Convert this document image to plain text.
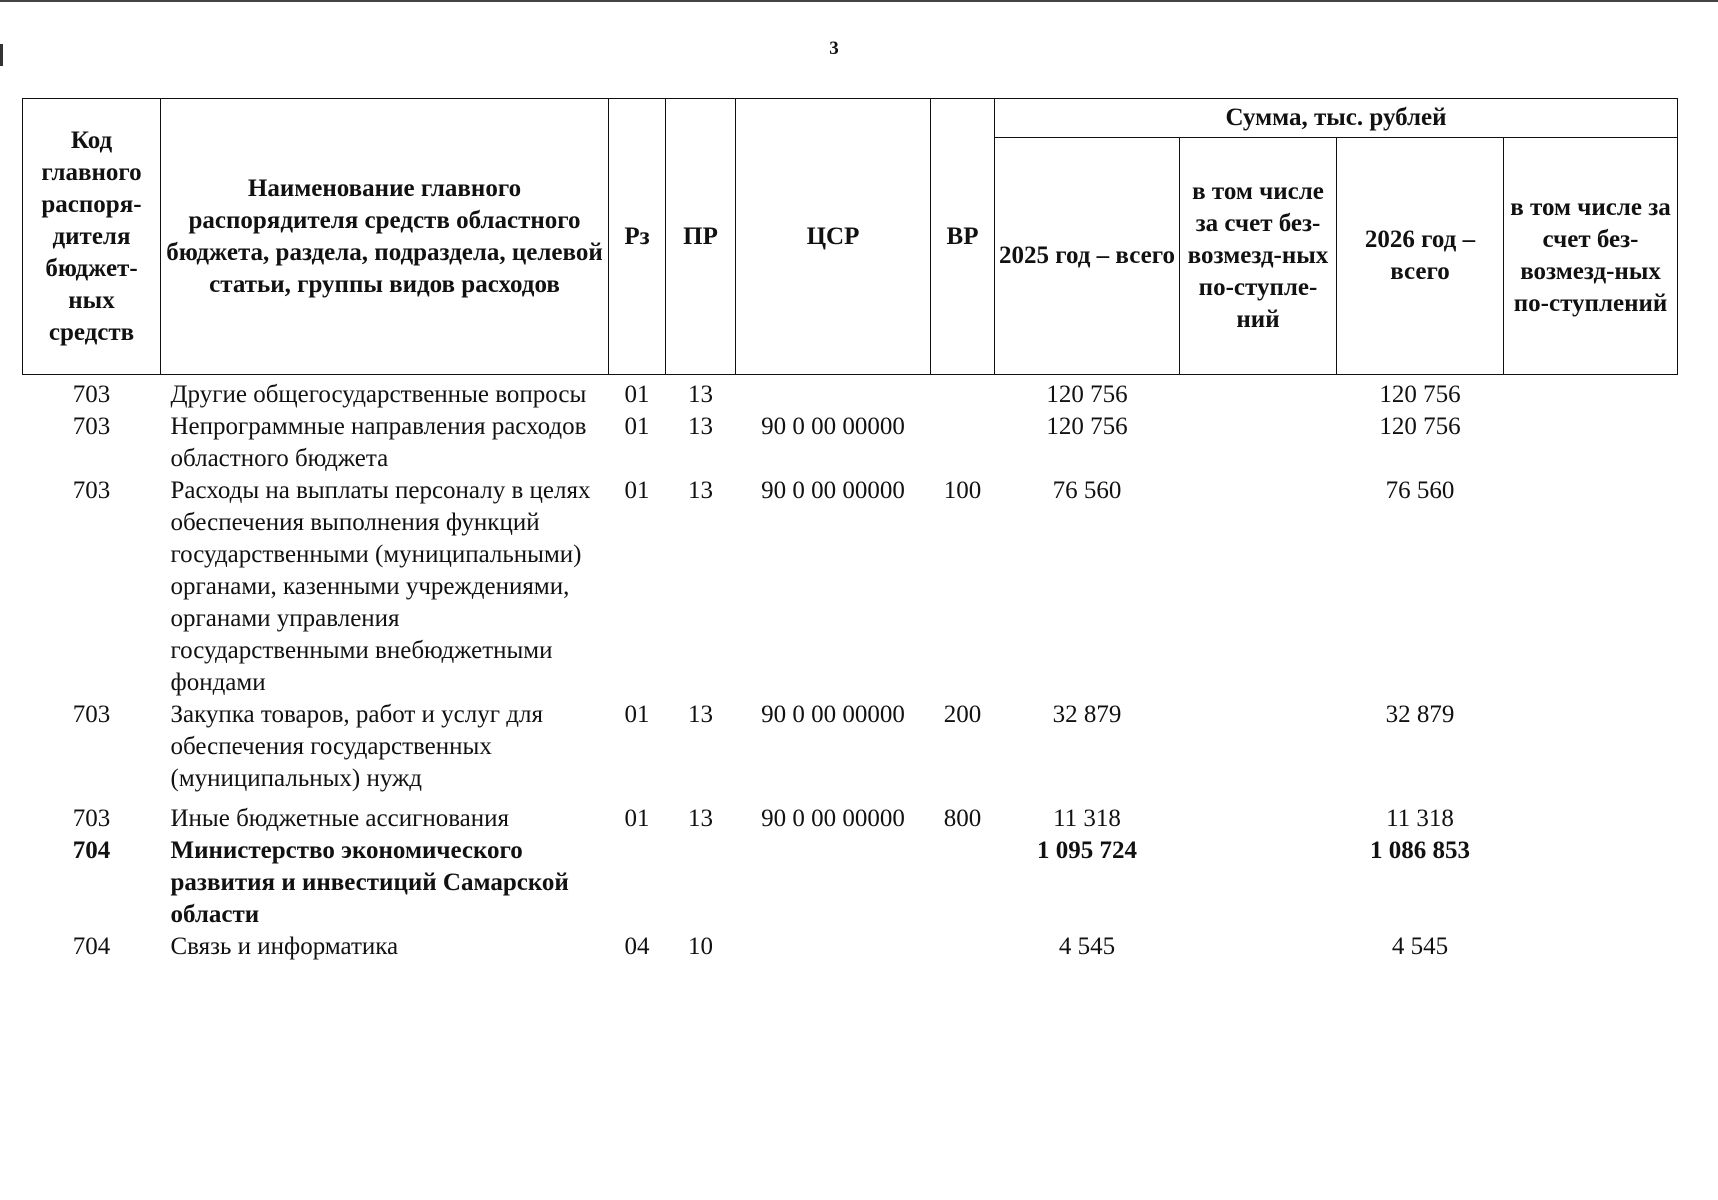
3
Код главного распоря-дителя бюджет-ных средств	Наименование главного распорядителя средств областного бюджета, раздела, подраздела, целевой статьи, группы видов расходов	Рз	ПР	ЦСР	ВР	Сумма, тыс. рублей			
						2025 год – всего	в том числе за счет без-возмезд-ных по-ступле-ний	2026 год – всего	в том числе за счет без-возмезд-ных по-ступлений
703	Другие общегосударственные вопросы	01	13			120 756		120 756	
703	Непрограммные направления расходов областного бюджета	01	13	90 0 00 00000		120 756		120 756	
703	Расходы на выплаты персоналу в целях обеспечения выполнения функций государственными (муниципальными) органами, казенными учреждениями, органами управления государственными внебюджетными фондами	01	13	90 0 00 00000	100	76 560		76 560	
703	Закупка товаров, работ и услуг для обеспечения государственных (муниципальных) нужд	01	13	90 0 00 00000	200	32 879		32 879	
703	Иные бюджетные ассигнования	01	13	90 0 00 00000	800	11 318		11 318	
704	Министерство экономического развития и инвестиций Самарской области					1 095 724		1 086 853	
704	Связь и информатика	04	10			4 545		4 545	
